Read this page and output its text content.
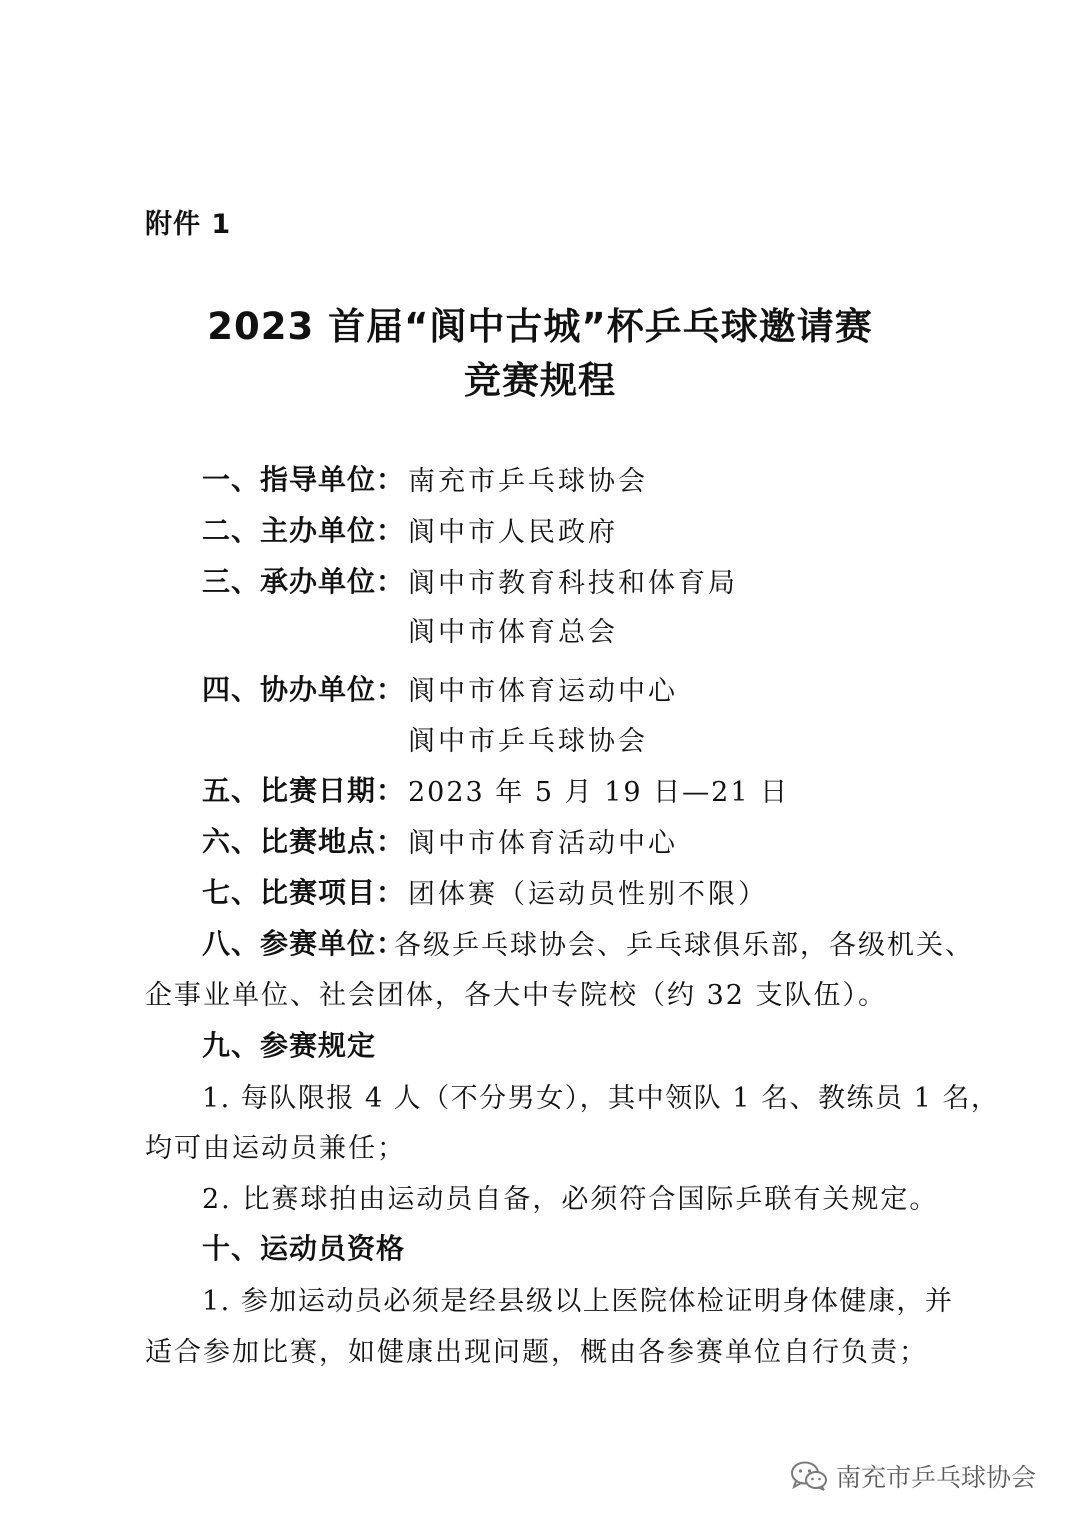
附件 1
2023 首届“阆中古城”杯乒乓球邀请赛
竞赛规程
一、指导单位： 南充市乒乓球协会
二、主办单位： 阆中市人民政府
三、承办单位： 阆中市教育科技和体育局
阆中市体育总会
四、协办单位： 阆中市体育运动中心
阆中市乒乓球协会
五、比赛日期： 2023 年 5 月 19 日—21 日
六、比赛地点： 阆中市体育活动中心
七、比赛项目： 团体赛（运动员性别不限）
八、参赛单位：
各级乒乓球协会、乒乓球俱乐部，各级机关、
企事业单位、社会团体，各大中专院校（约 32 支队伍）。
九、参赛规定
1. 每队限报 4 人（不分男女），其中领队 1 名、教练员 1 名，
均可由运动员兼任；
2. 比赛球拍由运动员自备，必须符合国际乒联有关规定。
十、运动员资格
1. 参加运动员必须是经县级以上医院体检证明身体健康，并
适合参加比赛，如健康出现问题，概由各参赛单位自行负责；
南充市乒乓球协会
